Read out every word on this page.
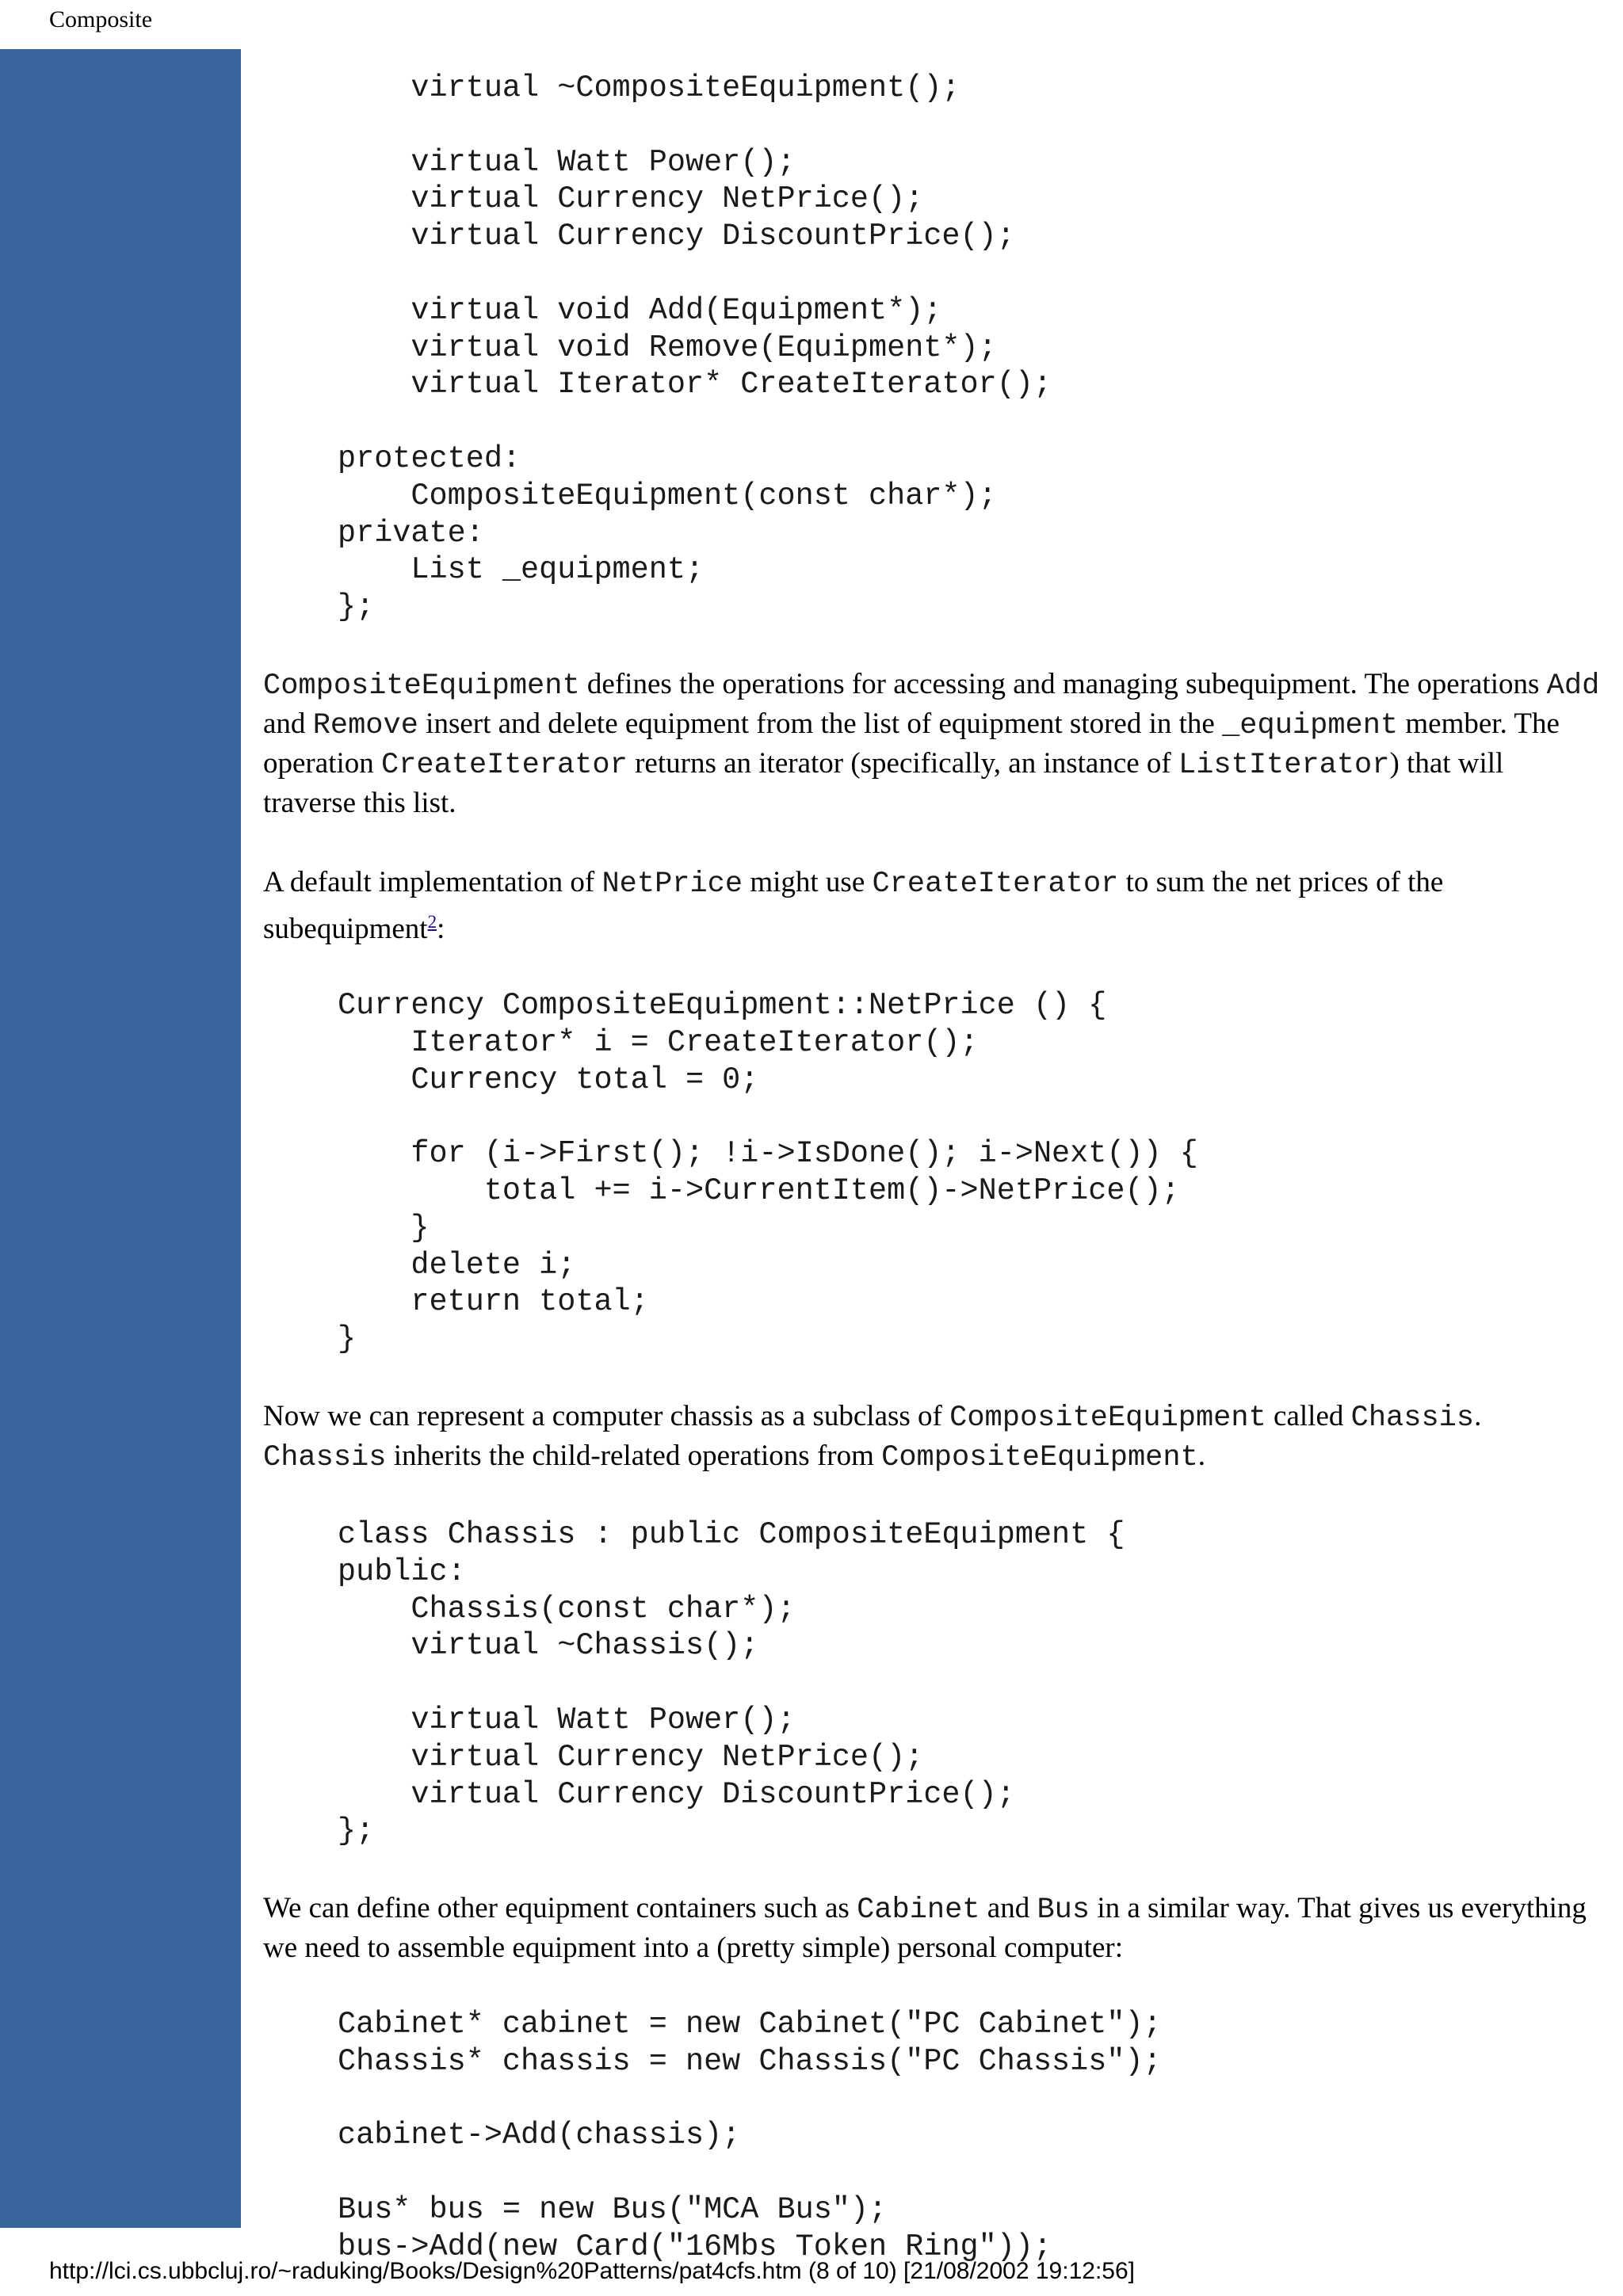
Composite
virtual ~CompositeEquipment();

virtual Watt Power();
virtual Currency NetPrice();
virtual Currency DiscountPrice();

virtual void Add(Equipment*);
virtual void Remove(Equipment*);
virtual Iterator* CreateIterator();

protected:
CompositeEquipment(const char*);
private:
List _equipment;
};

CompositeEquipment defines the operations for accessing and managing subequipment. The operations Add and Remove insert and delete equipment from the list of equipment stored in the _equipment member. The operation CreateIterator returns an iterator (specifically, an instance of ListIterator) that will traverse this list.

A default implementation of NetPrice might use CreateIterator to sum the net prices of the subequipment$^2$:

Currency CompositeEquipment::NetPrice () {
Iterator* i = CreateIterator();
Currency total = 0;

for (i->First(); !i->IsDone(); i->Next()) {
total += i->CurrentItem()->NetPrice();
}
delete i;
return total;
}

Now we can represent a computer chassis as a subclass of CompositeEquipment called Chassis. Chassis inherits the child-related operations from CompositeEquipment.

class Chassis : public CompositeEquipment {
public:
Chassis(const char*);
virtual ~Chassis();

virtual Watt Power();
virtual Currency NetPrice();
virtual Currency DiscountPrice();
};

We can define other equipment containers such as Cabinet and Bus in a similar way. That gives us everything we need to assemble equipment into a (pretty simple) personal computer:

Cabinet* cabinet = new Cabinet("PC Cabinet");
Chassis* chassis = new Chassis("PC Chassis");

cabinet->Add(chassis);

Bus* bus = new Bus("MCA Bus");
bus->Add(new Card("16Mbs Token Ring"));
http://lci.cs.ubbcluj.ro/~raduking/Books/Design%20Patterns/pat4cfs.htm (8 of 10) [21/08/2002 19:12:56]
